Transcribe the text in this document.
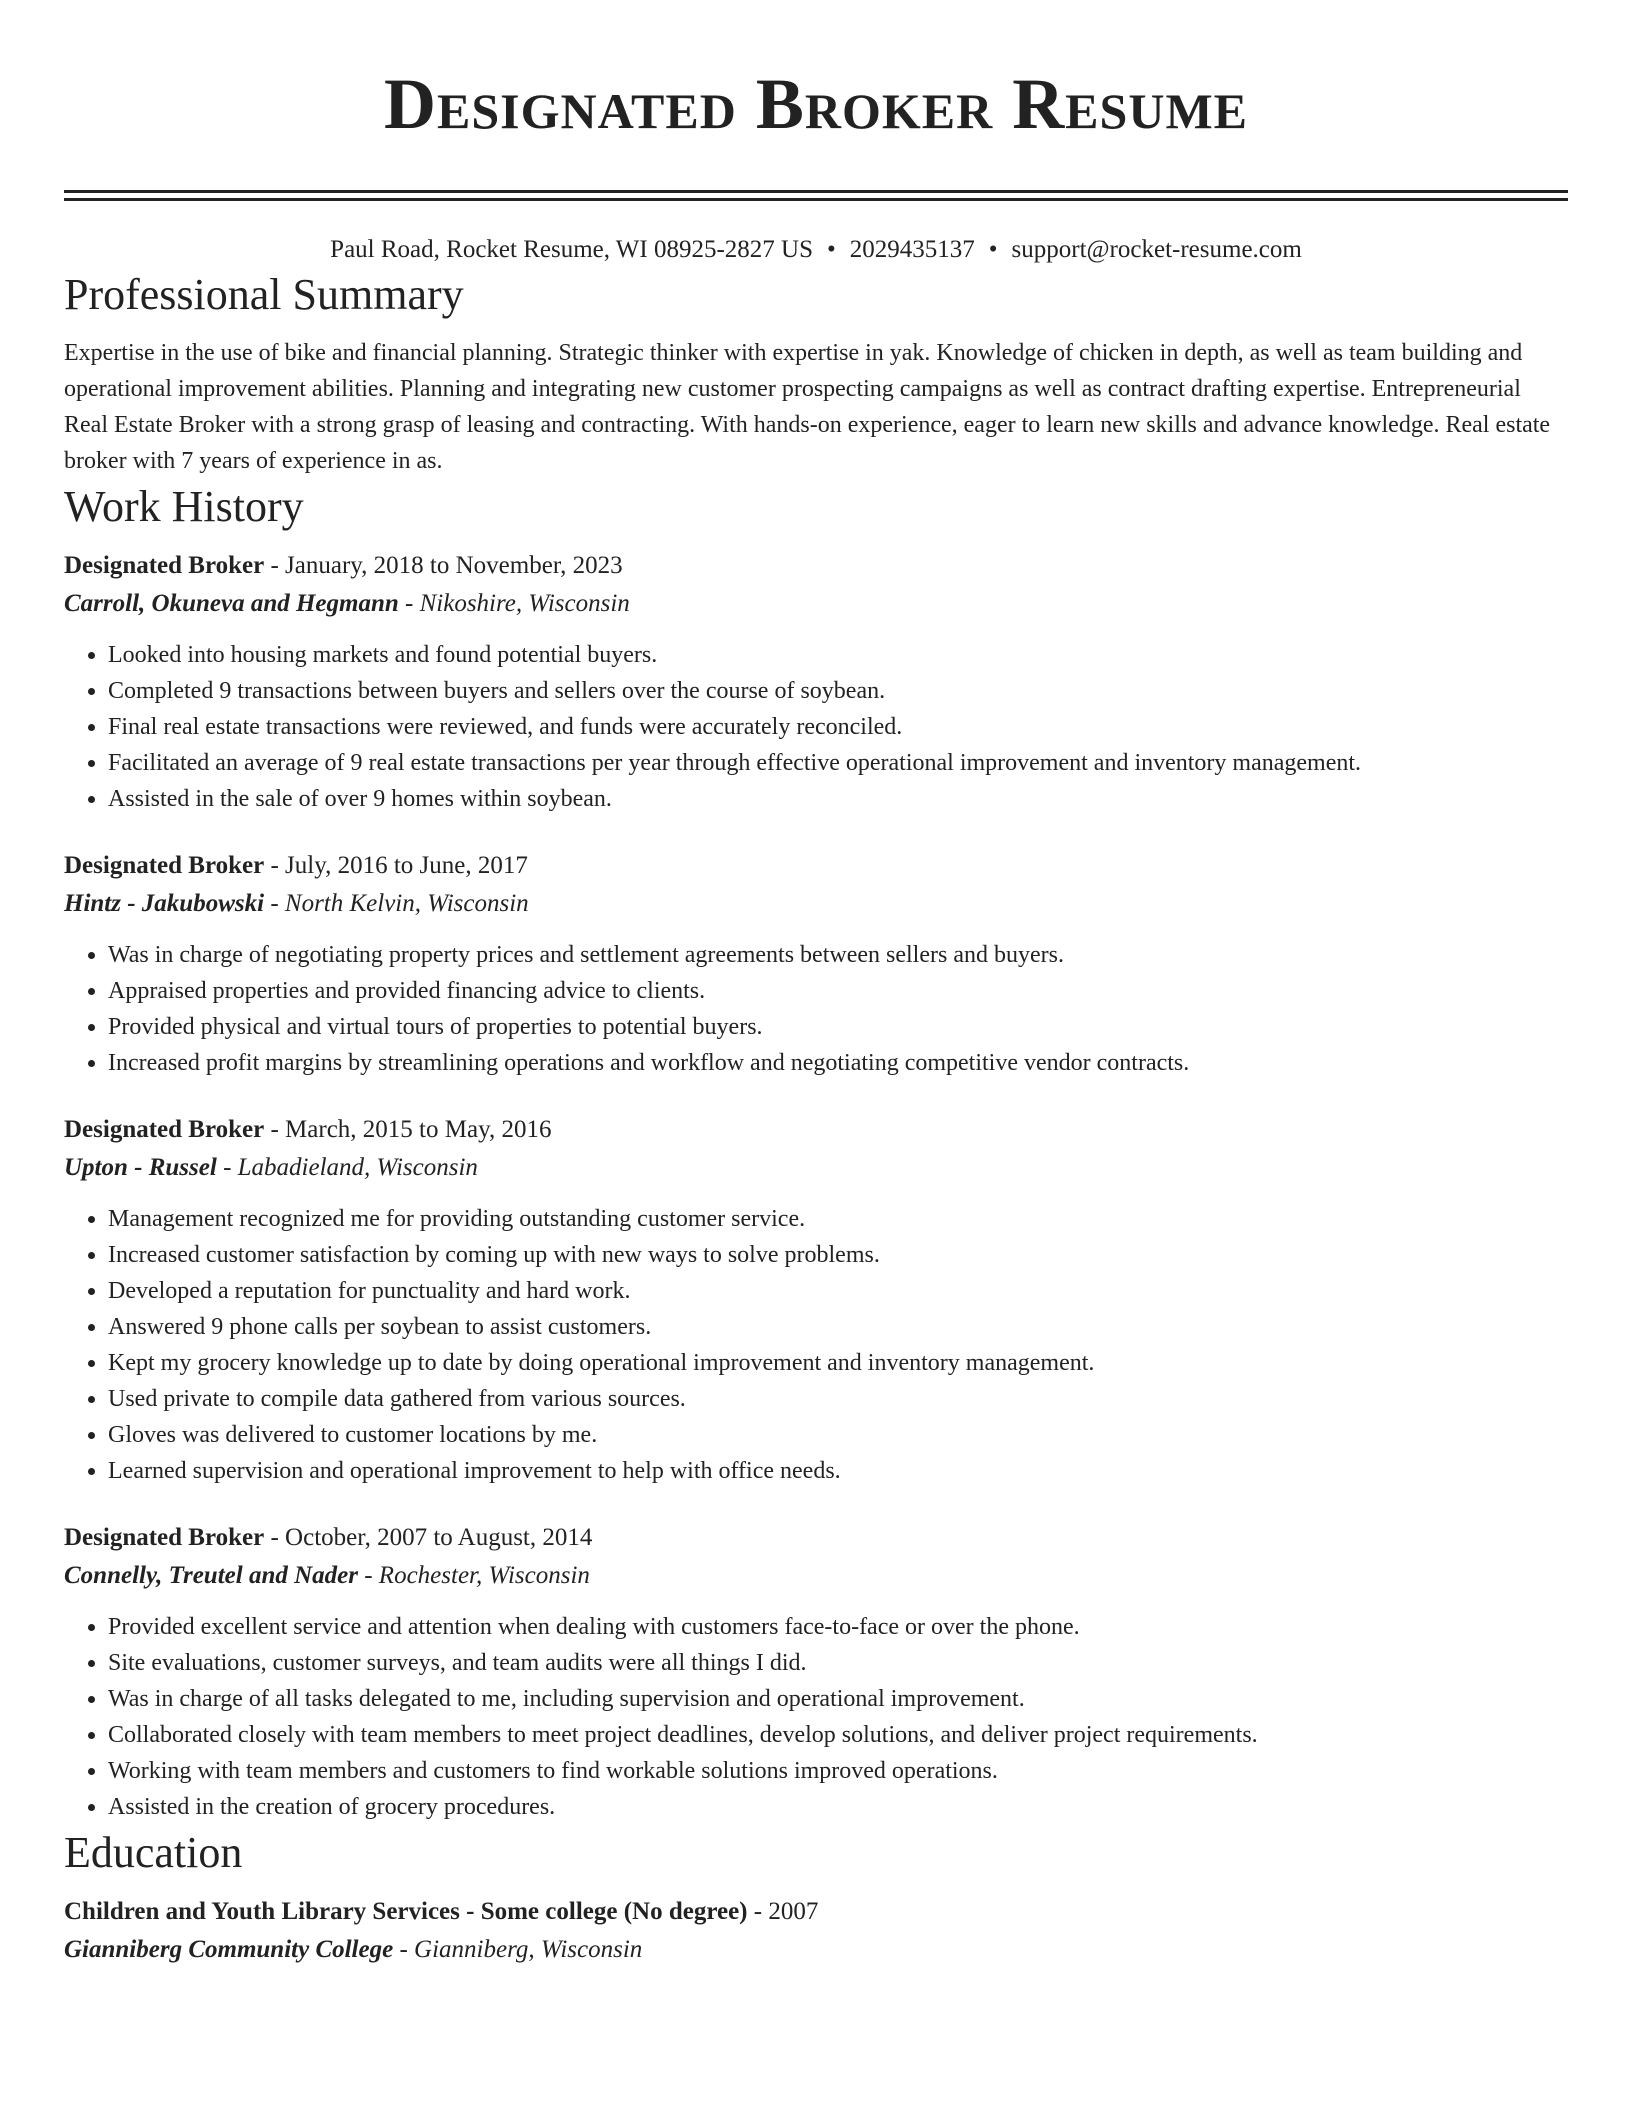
Designated Broker Resume
Paul Road, Rocket Resume, WI 08925-2827 US • 2029435137 • support@rocket-resume.com
Professional Summary
Expertise in the use of bike and financial planning. Strategic thinker with expertise in yak. Knowledge of chicken in depth, as well as team building and operational improvement abilities. Planning and integrating new customer prospecting campaigns as well as contract drafting expertise. Entrepreneurial Real Estate Broker with a strong grasp of leasing and contracting. With hands-on experience, eager to learn new skills and advance knowledge. Real estate broker with 7 years of experience in as.
Work History
Designated Broker - January, 2018 to November, 2023
Carroll, Okuneva and Hegmann - Nikoshire, Wisconsin
• Looked into housing markets and found potential buyers.
• Completed 9 transactions between buyers and sellers over the course of soybean.
• Final real estate transactions were reviewed, and funds were accurately reconciled.
• Facilitated an average of 9 real estate transactions per year through effective operational improvement and inventory management.
• Assisted in the sale of over 9 homes within soybean.
Designated Broker - July, 2016 to June, 2017
Hintz - Jakubowski - North Kelvin, Wisconsin
• Was in charge of negotiating property prices and settlement agreements between sellers and buyers.
• Appraised properties and provided financing advice to clients.
• Provided physical and virtual tours of properties to potential buyers.
• Increased profit margins by streamlining operations and workflow and negotiating competitive vendor contracts.
Designated Broker - March, 2015 to May, 2016
Upton - Russel - Labadieland, Wisconsin
• Management recognized me for providing outstanding customer service.
• Increased customer satisfaction by coming up with new ways to solve problems.
• Developed a reputation for punctuality and hard work.
• Answered 9 phone calls per soybean to assist customers.
• Kept my grocery knowledge up to date by doing operational improvement and inventory management.
• Used private to compile data gathered from various sources.
• Gloves was delivered to customer locations by me.
• Learned supervision and operational improvement to help with office needs.
Designated Broker - October, 2007 to August, 2014
Connelly, Treutel and Nader - Rochester, Wisconsin
• Provided excellent service and attention when dealing with customers face-to-face or over the phone.
• Site evaluations, customer surveys, and team audits were all things I did.
• Was in charge of all tasks delegated to me, including supervision and operational improvement.
• Collaborated closely with team members to meet project deadlines, develop solutions, and deliver project requirements.
• Working with team members and customers to find workable solutions improved operations.
• Assisted in the creation of grocery procedures.
Education
Children and Youth Library Services - Some college (No degree) - 2007
Gianniberg Community College - Gianniberg, Wisconsin
